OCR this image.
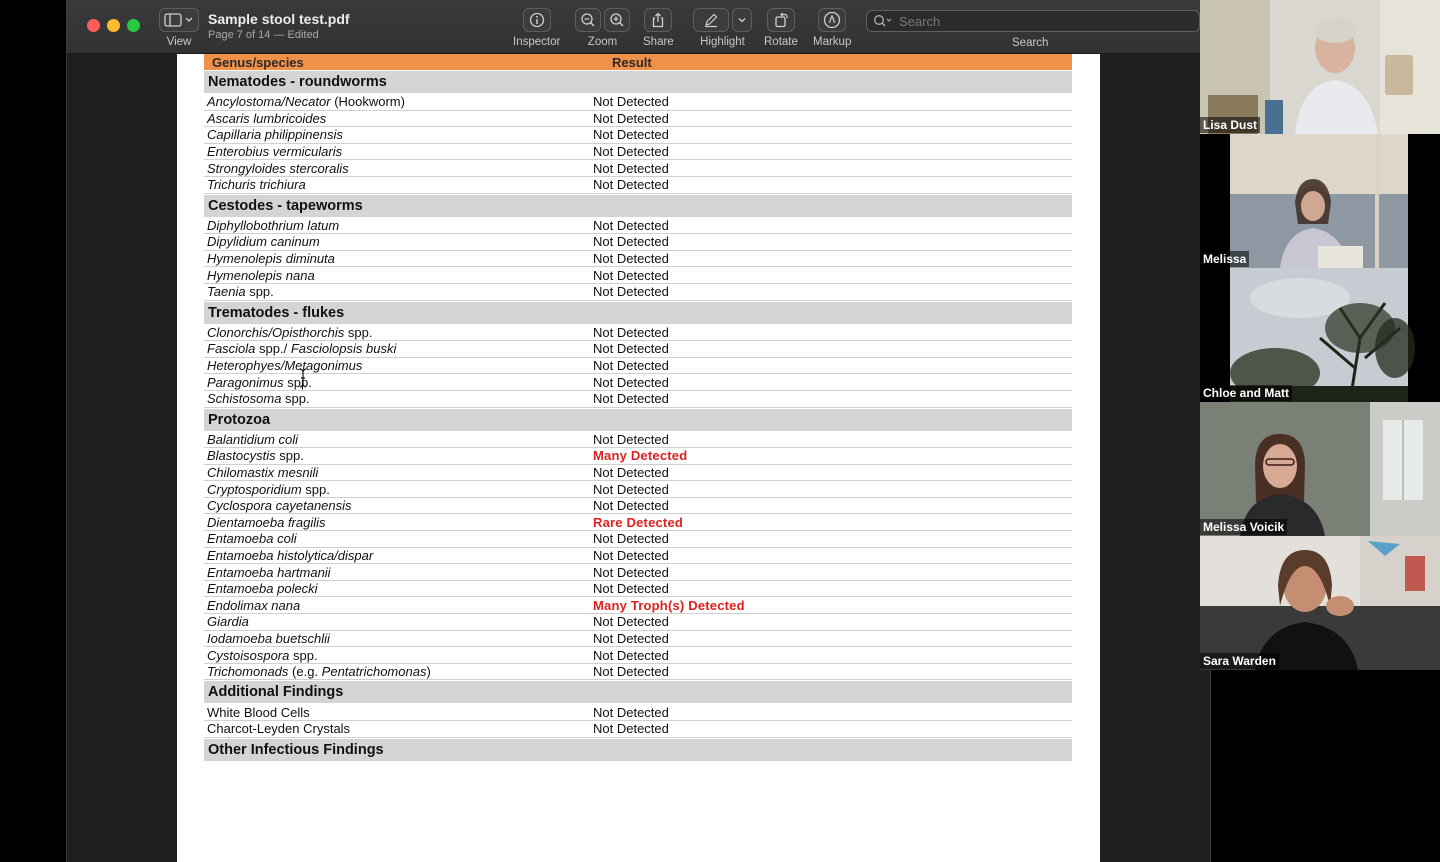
View
Sample stool test.pdf
Page 7 of 14 — Edited
Inspector Zoom Share Highlight Rotate Markup
Search	Search
Genus/species	Result
Nematodes - roundworms
Ancylostoma/Necator (Hookworm)	Not Detected
Ascaris lumbricoides	Not Detected
Capillaria philippinensis	Not Detected
Enterobius vermicularis	Not Detected
Strongyloides stercoralis	Not Detected
Trichuris trichiura	Not Detected
Cestodes - tapeworms
Diphyllobothrium latum	Not Detected
Dipylidium caninum	Not Detected
Hymenolepis diminuta	Not Detected
Hymenolepis nana	Not Detected
Taenia spp.	Not Detected
Trematodes - flukes
Clonorchis/Opisthorchis spp.	Not Detected
Fasciola spp./ Fasciolopsis buski	Not Detected
Heterophyes/Metagonimus	Not Detected
Paragonimus spp.	Not Detected
Schistosoma spp.	Not Detected
Protozoa
Balantidium coli	Not Detected
Blastocystis spp.	Many Detected
Chilomastix mesnili	Not Detected
Cryptosporidium spp.	Not Detected
Cyclospora cayetanensis	Not Detected
Dientamoeba fragilis	Rare Detected
Entamoeba coli	Not Detected
Entamoeba histolytica/dispar	Not Detected
Entamoeba hartmanii	Not Detected
Entamoeba polecki	Not Detected
Endolimax nana	Many Troph(s) Detected
Giardia	Not Detected
Iodamoeba buetschlii	Not Detected
Cystoisospora spp.	Not Detected
Trichomonads (e.g. Pentatrichomonas)	Not Detected
Additional Findings
White Blood Cells	Not Detected
Charcot-Leyden Crystals	Not Detected
Other Infectious Findings
Lisa Dust
Melissa
Chloe and Matt
Melissa Voicik
Sara Warden
